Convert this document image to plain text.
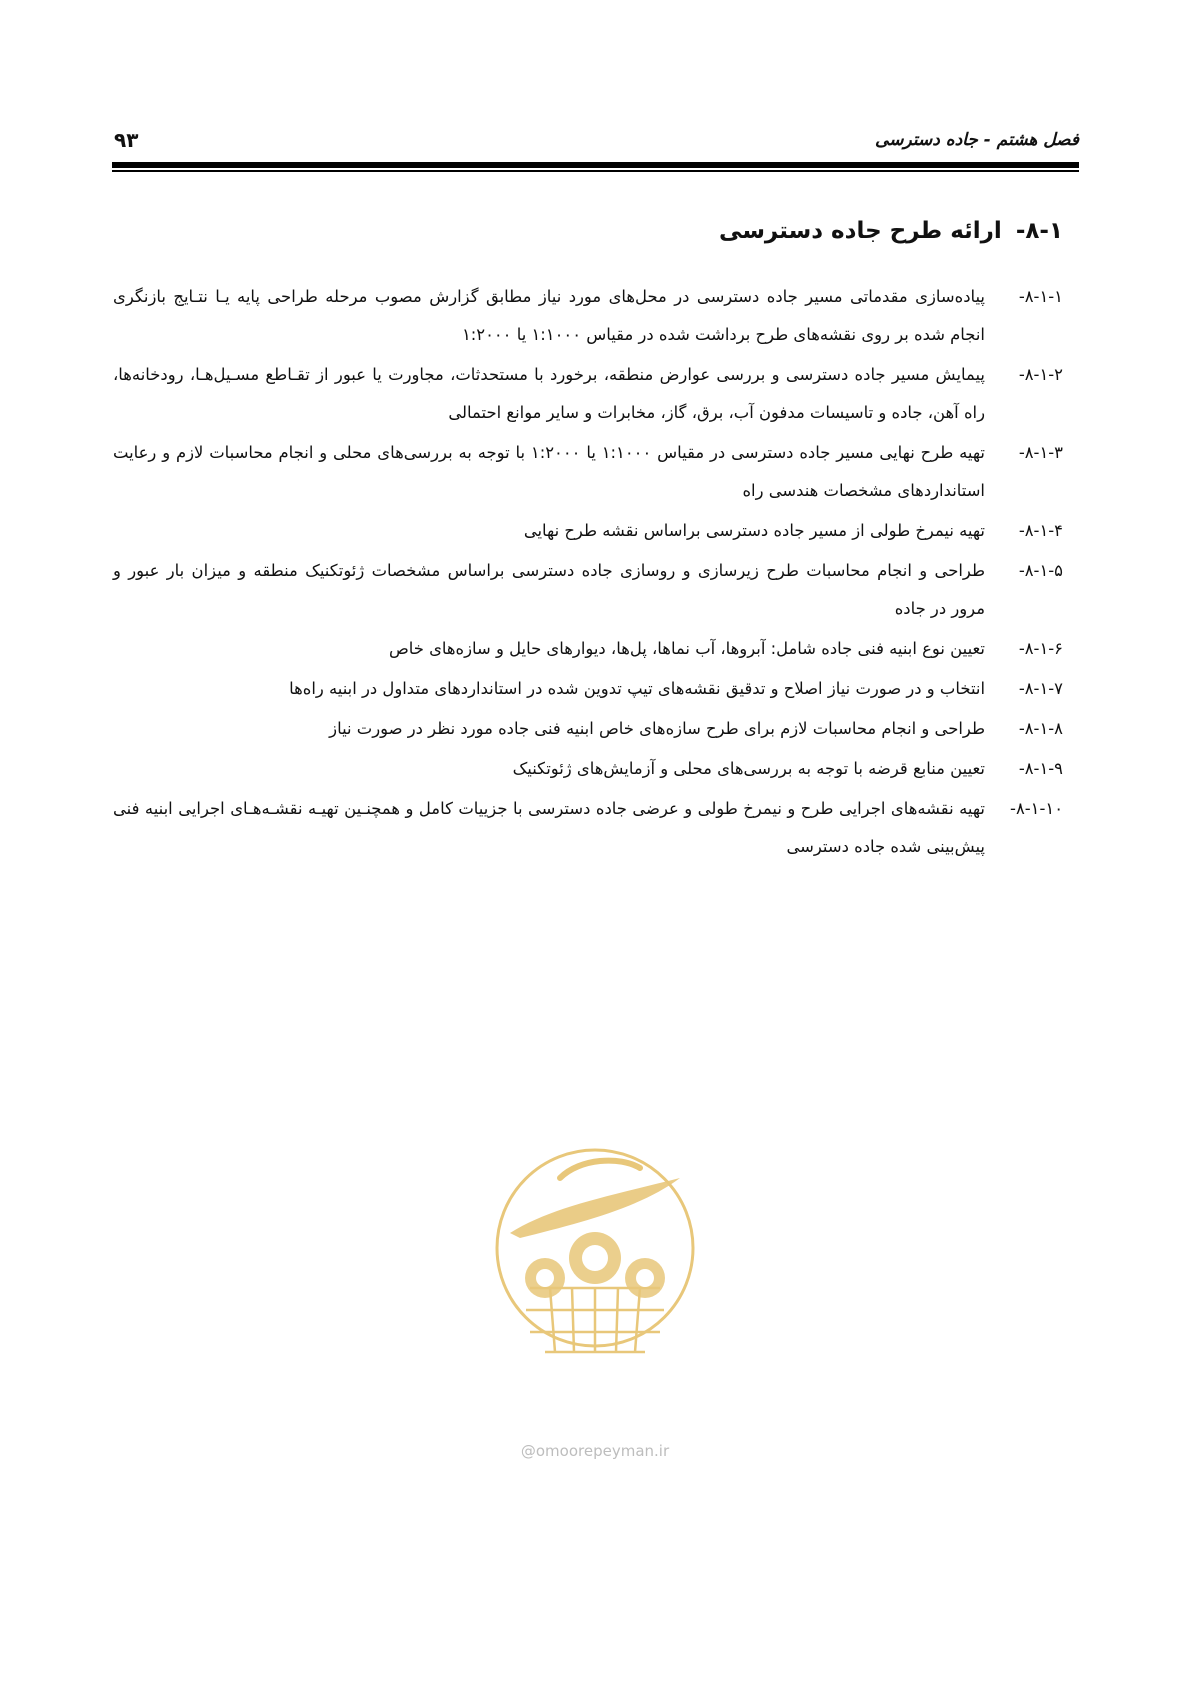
فصل هشتم - جاده دسترسی
۹۳
۸-۱- ارائه طرح جاده دسترسی
۸-۱-۱-
پیاده‌سازی مقدماتی مسیر جاده دسترسی در محل‌های مورد نیاز مطابق گزارش مصوب مرحله طراحی پایه یـا نتـایج بازنگری انجام شده بر روی نقشه‌های طرح برداشت شده در مقیاس ۱:۱۰۰۰ یا ۱:۲۰۰۰
۸-۱-۲-
پیمایش مسیر جاده دسترسی و بررسی عوارض منطقه، برخورد با مستحدثات، مجاورت یا عبور از تقـاطع مسـیل‌هـا، رودخانه‌ها، راه آهن، جاده و تاسیسات مدفون آب، برق، گاز، مخابرات و سایر موانع احتمالی
۸-۱-۳-
تهیه طرح نهایی مسیر جاده دسترسی در مقیاس ۱:۱۰۰۰ یا ۱:۲۰۰۰ با توجه به بررسی‌های محلی و انجام محاسبات لازم و رعایت استانداردهای مشخصات هندسی راه
۸-۱-۴-
تهیه نیمرخ طولی از مسیر جاده دسترسی براساس نقشه طرح نهایی
۸-۱-۵-
طراحی و انجام محاسبات طرح زیرسازی و روسازی جاده دسترسی براساس مشخصات ژئوتکنیک منطقه و میزان بار عبور و مرور در جاده
۸-۱-۶-
تعیین نوع ابنیه فنی جاده شامل: آبروها، آب نماها، پل‌ها، دیوارهای حایل و سازه‌های خاص
۸-۱-۷-
انتخاب و در صورت نیاز اصلاح و تدقیق نقشه‌های تیپ تدوین شده در استانداردهای متداول در ابنیه راه‌ها
۸-۱-۸-
طراحی و انجام محاسبات لازم برای طرح سازه‌های خاص ابنیه فنی جاده مورد نظر در صورت نیاز
۸-۱-۹-
تعیین منابع قرضه با توجه به بررسی‌های محلی و آزمایش‌های ژئوتکنیک
۸-۱-۱۰-
تهیه نقشه‌های اجرایی طرح و نیمرخ طولی و عرضی جاده دسترسی با جزییات کامل و همچنـین تهیـه نقشـه‌هـای اجرایی ابنیه فنی پیش‌بینی شده جاده دسترسی
@omoorepeyman.ir
